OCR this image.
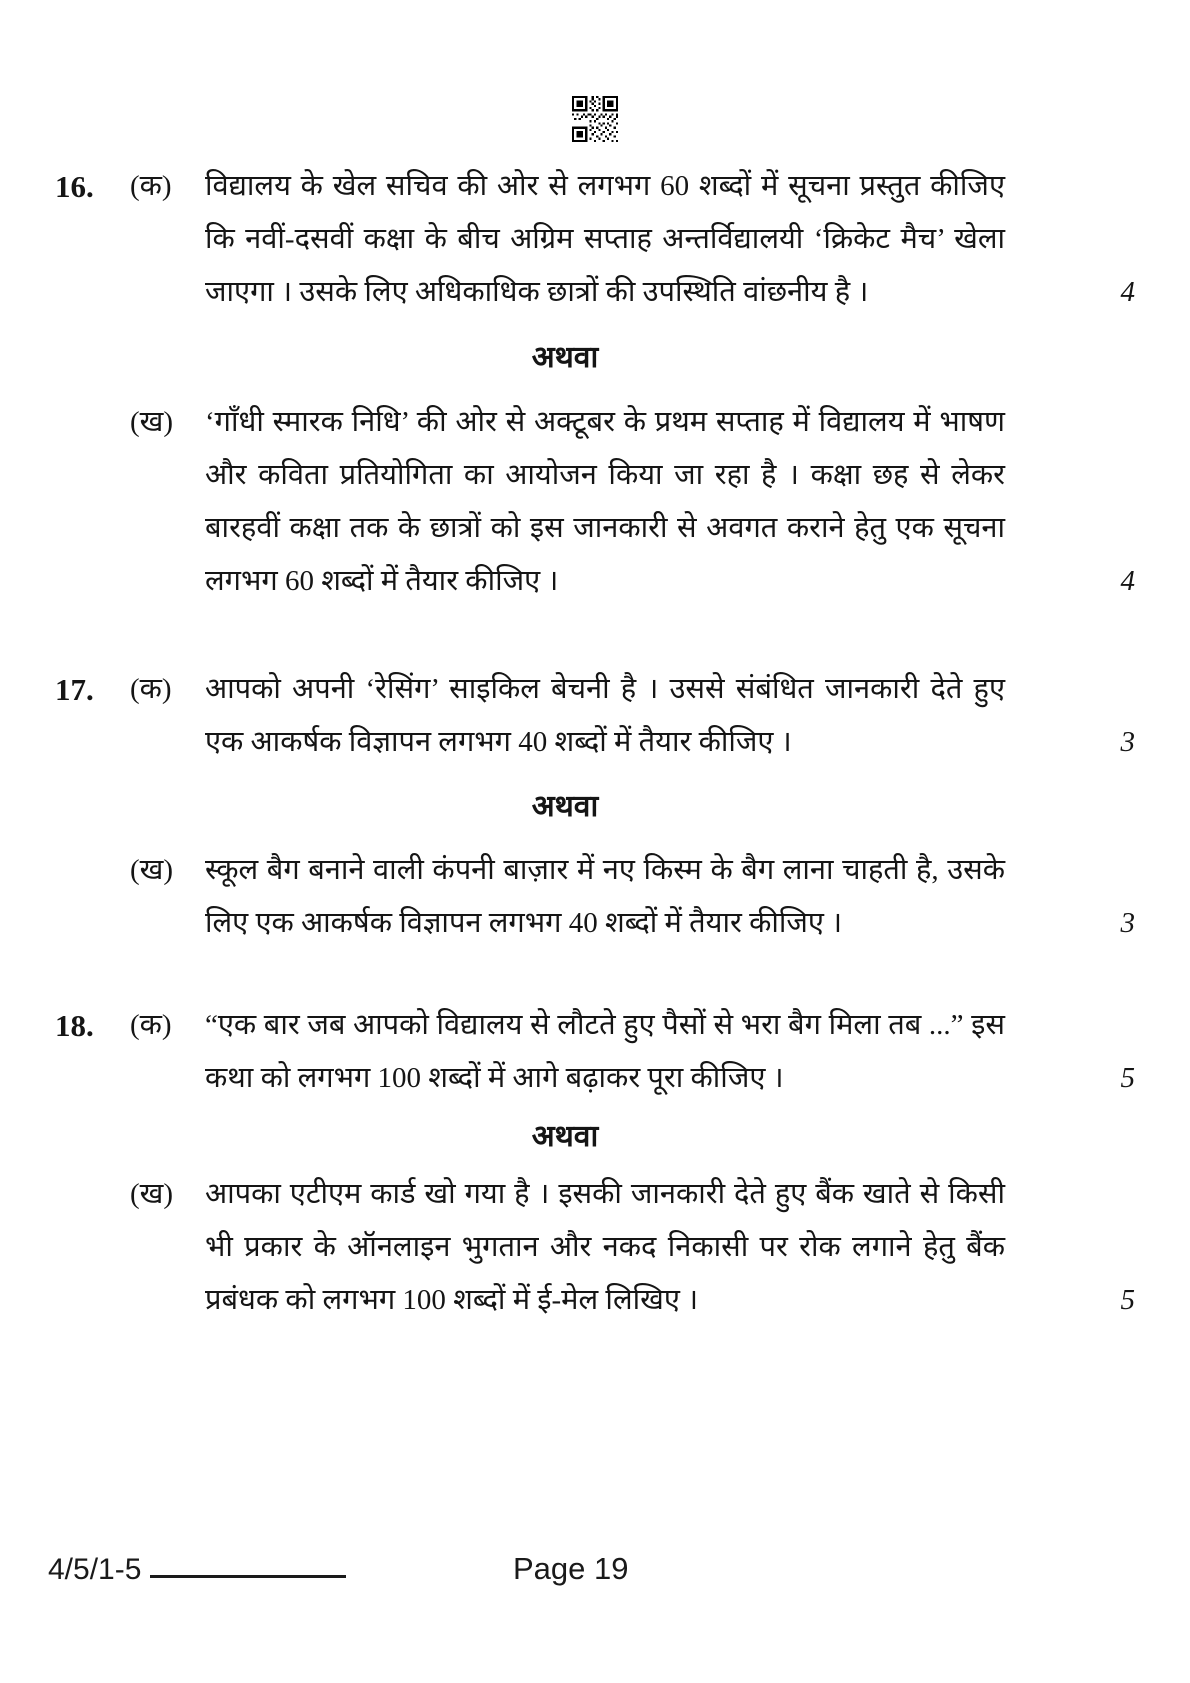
16.	(क)	विद्यालय के खेल सचिव की ओर से लगभग 60 शब्दों में सूचना प्रस्तुत कीजिए कि नवीं-दसवीं कक्षा के बीच अग्रिम सप्ताह अन्तर्विद्यालयी ‘क्रिकेट मैच’ खेला जाएगा । उसके लिए अधिकाधिक छात्रों की उपस्थिति वांछनीय है ।	4
अथवा
(ख)	‘गाँधी स्मारक निधि’ की ओर से अक्टूबर के प्रथम सप्ताह में विद्यालय में भाषण और कविता प्रतियोगिता का आयोजन किया जा रहा है । कक्षा छह से लेकर बारहवीं कक्षा तक के छात्रों को इस जानकारी से अवगत कराने हेतु एक सूचना लगभग 60 शब्दों में तैयार कीजिए ।	4
17.	(क)	आपको अपनी ‘रेसिंग’ साइकिल बेचनी है । उससे संबंधित जानकारी देते हुए एक आकर्षक विज्ञापन लगभग 40 शब्दों में तैयार कीजिए ।	3
अथवा
(ख)	स्कूल बैग बनाने वाली कंपनी बाज़ार में नए किस्म के बैग लाना चाहती है, उसके लिए एक आकर्षक विज्ञापन लगभग 40 शब्दों में तैयार कीजिए ।	3
18.	(क)	“एक बार जब आपको विद्यालय से लौटते हुए पैसों से भरा बैग मिला तब ...” इस कथा को लगभग 100 शब्दों में आगे बढ़ाकर पूरा कीजिए ।	5
अथवा
(ख)	आपका एटीएम कार्ड खो गया है । इसकी जानकारी देते हुए बैंक खाते से किसी भी प्रकार के ऑनलाइन भुगतान और नकद निकासी पर रोक लगाने हेतु बैंक प्रबंधक को लगभग 100 शब्दों में ई-मेल लिखिए ।	5
4/5/1-5	Page 19
